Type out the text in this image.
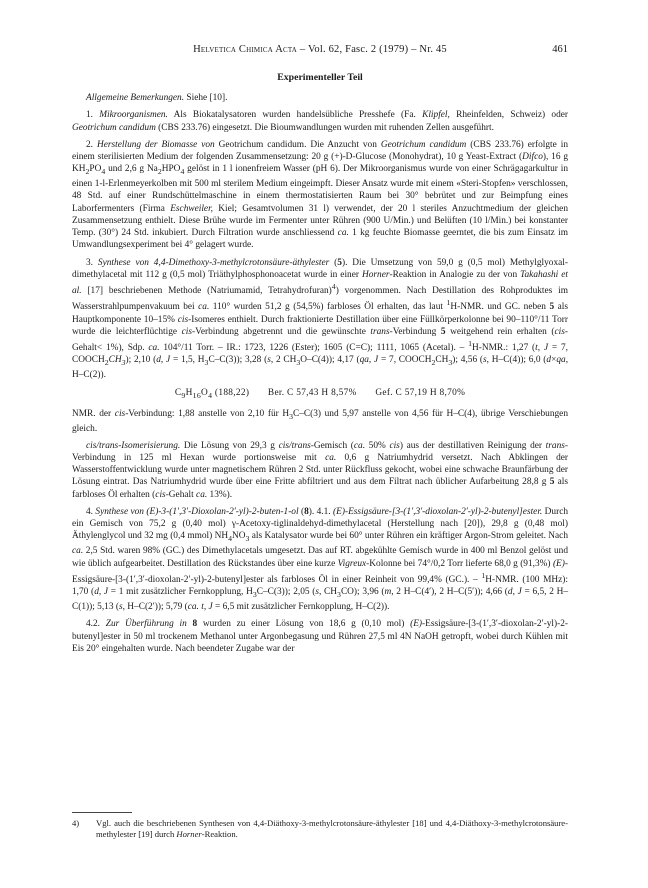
Helvetica Chimica Acta – Vol. 62, Fasc. 2 (1979) – Nr. 45	461
Experimenteller Teil

Allgemeine Bemerkungen. Siehe [10].

1. Mikroorganismen. Als Biokatalysatoren wurden handelsübliche Presshefe (Fa. Klipfel, Rheinfelden, Schweiz) oder Geotrichum candidum (CBS 233.76) eingesetzt. Die Bioumwandlungen wurden mit ruhenden Zellen ausgeführt.

2. Herstellung der Biomasse von Geotrichum candidum. Die Anzucht von Geotrichum candidum (CBS 233.76) erfolgte in einem sterilisierten Medium der folgenden Zusammensetzung: 20 g (+)-D-Glucose (Monohydrat), 10 g Yeast-Extract (Difco), 16 g $KH_2PO_4$ und 2,6 g $Na_2HPO_4$ gelöst in 1 l ionenfreiem Wasser (pH 6). Der Mikroorganismus wurde von einer Schrägagarkultur in einen 1-l-Erlenmeyerkolben mit 500 ml sterilem Medium eingeimpft. Dieser Ansatz wurde mit einem «Steri-Stopfen» verschlossen, 48 Std. auf einer Rundschüttelmaschine in einem thermostatisierten Raum bei 30° bebrütet und zur Beimpfung eines Laborfermenters (Firma Eschweiler, Kiel; Gesamtvolumen 31 l) verwendet, der 20 l steriles Anzuchtmedium der gleichen Zusammensetzung enthielt. Diese Brühe wurde im Fermenter unter Rühren (900 U/Min.) und Belüften (10 l/Min.) bei konstanter Temp. (30°) 24 Std. inkubiert. Durch Filtration wurde anschliessend ca. 1 kg feuchte Biomasse geerntet, die bis zum Einsatz im Umwandlungsexperiment bei 4° gelagert wurde.

3. Synthese von 4,4-Dimethoxy-3-methylcrotonsäure-äthylester (5). Die Umsetzung von 59,0 g (0,5 mol) Methylglyoxal-dimethylacetal mit 112 g (0,5 mol) Triäthylphosphonoacetat wurde in einer Horner-Reaktion in Analogie zu der von Takahashi et al. [17] beschriebenen Methode (Natriumamid, Tetrahydrofuran)$^4$) vorgenommen. Nach Destillation des Rohproduktes im Wasserstrahlpumpenvakuum bei ca. 110° wurden 51,2 g (54,5%) farbloses Öl erhalten, das laut $^1$H-NMR. und GC. neben 5 als Hauptkomponente 10–15% cis-Isomeres enthielt. Durch fraktionierte Destillation über eine Füllkörperkolonne bei 90–110°/11 Torr wurde die leichterflüchtige cis-Verbindung abgetrennt und die gewünschte trans-Verbindung 5 weitgehend rein erhalten (cis-Gehalt< 1%), Sdp. ca. 104°/11 Torr. – IR.: 1723, 1226 (Ester); 1605 (C=C); 1111, 1065 (Acetal). – $^1$H-NMR.: 1,27 (t, J = 7, $COOCH_2CH_3$); 2,10 (d, J = 1,5, $H_3C-C(3)$); 3,28 (s, 2 $CH_3O-C(4)$); 4,17 (qa, J = 7, $COOCH_2CH_3$); 4,56 (s, H–C(4)); 6,0 (d×qa, H–C(2)).

$C_9H_{16}O_4$ (188,22) Ber. C 57,43 H 8,57% Gef. C 57,19 H 8,70%

NMR. der cis-Verbindung: 1,88 anstelle von 2,10 für $H_3C-C(3)$ und 5,97 anstelle von 4,56 für H–C(4), übrige Verschiebungen gleich.

cis/trans-Isomerisierung. Die Lösung von 29,3 g cis/trans-Gemisch (ca. 50% cis) aus der destillativen Reinigung der trans-Verbindung in 125 ml Hexan wurde portionsweise mit ca. 0,6 g Natriumhydrid versetzt. Nach Abklingen der Wasserstoffentwicklung wurde unter magnetischem Rühren 2 Std. unter Rückfluss gekocht, wobei eine schwache Braunfärbung der Lösung eintrat. Das Natriumhydrid wurde über eine Fritte abfiltriert und aus dem Filtrat nach üblicher Aufarbeitung 28,8 g 5 als farbloses Öl erhalten (cis-Gehalt ca. 13%).

4. Synthese von (E)-3-(1′,3′-Dioxolan-2′-yl)-2-buten-1-ol (8). 4.1. (E)-Essigsäure-[3-(1′,3′-dioxolan-2′-yl)-2-butenyl]ester. Durch ein Gemisch von 75,2 g (0,40 mol) γ-Acetoxy-tiglinaldehyd-dimethylacetal (Herstellung nach [20]), 29,8 g (0,48 mol) Äthylenglycol und 32 mg (0,4 mmol) $NH_4NO_3$ als Katalysator wurde bei 60° unter Rühren ein kräftiger Argon-Strom geleitet. Nach ca. 2,5 Std. waren 98% (GC.) des Dimethylacetals umgesetzt. Das auf RT. abgekühlte Gemisch wurde in 400 ml Benzol gelöst und wie üblich aufgearbeitet. Destillation des Rückstandes über eine kurze Vigreux-Kolonne bei 74°/0,2 Torr lieferte 68,0 g (91,3%) (E)-Essigsäure-[3-(1′,3′-dioxolan-2′-yl)-2-butenyl]ester als farbloses Öl in einer Reinheit von 99,4% (GC.). – $^1$H-NMR. (100 MHz): 1,70 (d, J = 1 mit zusätzlicher Fernkopplung, $H_3C-C(3)$); 2,05 (s, $CH_3CO$); 3,96 (m, 2 H–C(4′), 2 H–C(5′)); 4,66 (d, J = 6,5, 2 H–C(1)); 5,13 (s, H–C(2′)); 5,79 (ca. t, J = 6,5 mit zusätzlicher Fernkopplung, H–C(2)).

4.2. Zur Überführung in 8 wurden zu einer Lösung von 18,6 g (0,10 mol) (E)-Essigsäure-[3-(1′,3′-dioxolan-2′-yl)-2-butenyl]ester in 50 ml trockenem Methanol unter Argonbegasung und Rühren 27,5 ml 4N NaOH getropft, wobei durch Kühlen mit Eis 20° eingehalten wurde. Nach beendeter Zugabe war der

4) Vgl. auch die beschriebenen Synthesen von 4,4-Diäthoxy-3-methylcrotonsäure-äthylester [18] und 4,4-Diäthoxy-3-methylcrotonsäure-methylester [19] durch Horner-Reaktion.
